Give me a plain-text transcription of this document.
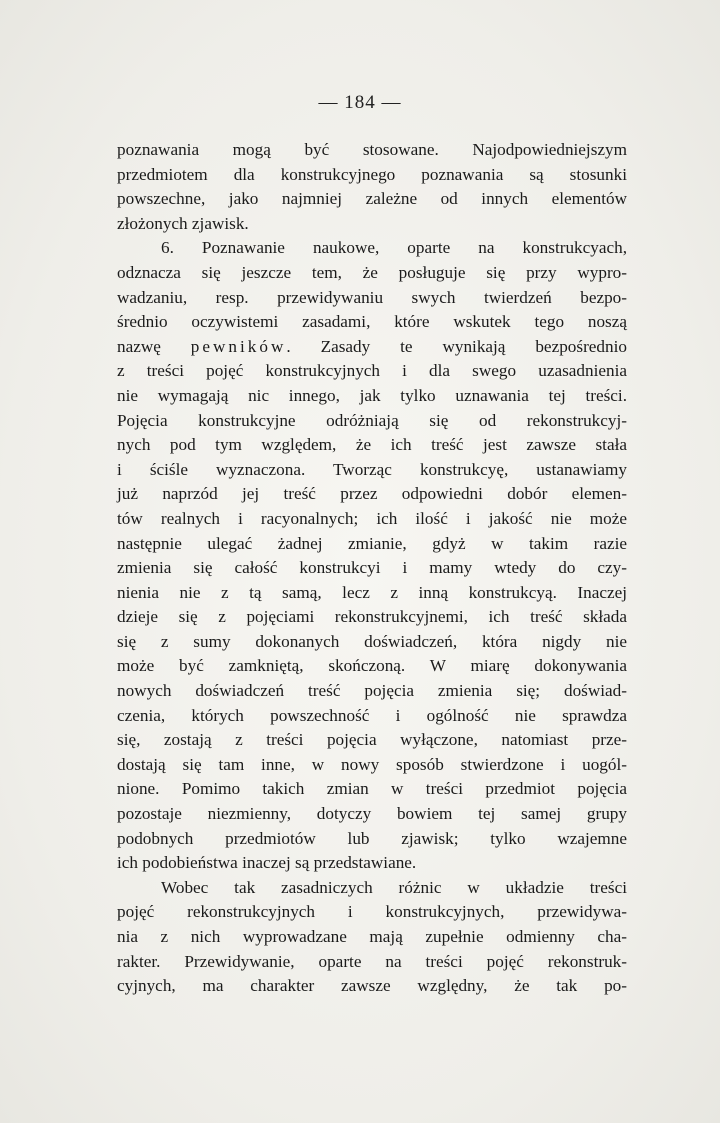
— 184 —
poznawania mogą być stosowane. Najodpowiedniejszym
przedmiotem dla konstrukcyjnego poznawania są stosunki
powszechne, jako najmniej zależne od innych elementów
złożonych zjawisk.
6. Poznawanie naukowe, oparte na konstrukcyach,
odznacza się jeszcze tem, że posługuje się przy wypro-
wadzaniu, resp. przewidywaniu swych twierdzeń bezpo-
średnio oczywistemi zasadami, które wskutek tego noszą
nazwę pewników. Zasady te wynikają bezpośrednio
z treści pojęć konstrukcyjnych i dla swego uzasadnienia
nie wymagają nic innego, jak tylko uznawania tej treści.
Pojęcia konstrukcyjne odróżniają się od rekonstrukcyj-
nych pod tym względem, że ich treść jest zawsze stała
i ściśle wyznaczona. Tworząc konstrukcyę, ustanawiamy
już naprzód jej treść przez odpowiedni dobór elemen-
tów realnych i racyonalnych; ich ilość i jakość nie może
następnie ulegać żadnej zmianie, gdyż w takim razie
zmienia się całość konstrukcyi i mamy wtedy do czy-
nienia nie z tą samą, lecz z inną konstrukcyą. Inaczej
dzieje się z pojęciami rekonstrukcyjnemi, ich treść składa
się z sumy dokonanych doświadczeń, która nigdy nie
może być zamkniętą, skończoną. W miarę dokonywania
nowych doświadczeń treść pojęcia zmienia się; doświad-
czenia, których powszechność i ogólność nie sprawdza
się, zostają z treści pojęcia wyłączone, natomiast prze-
dostają się tam inne, w nowy sposób stwierdzone i uogól-
nione. Pomimo takich zmian w treści przedmiot pojęcia
pozostaje niezmienny, dotyczy bowiem tej samej grupy
podobnych przedmiotów lub zjawisk; tylko wzajemne
ich podobieństwa inaczej są przedstawiane.
Wobec tak zasadniczych różnic w układzie treści
pojęć rekonstrukcyjnych i konstrukcyjnych, przewidywa-
nia z nich wyprowadzane mają zupełnie odmienny cha-
rakter. Przewidywanie, oparte na treści pojęć rekonstruk-
cyjnych, ma charakter zawsze względny, że tak po-
